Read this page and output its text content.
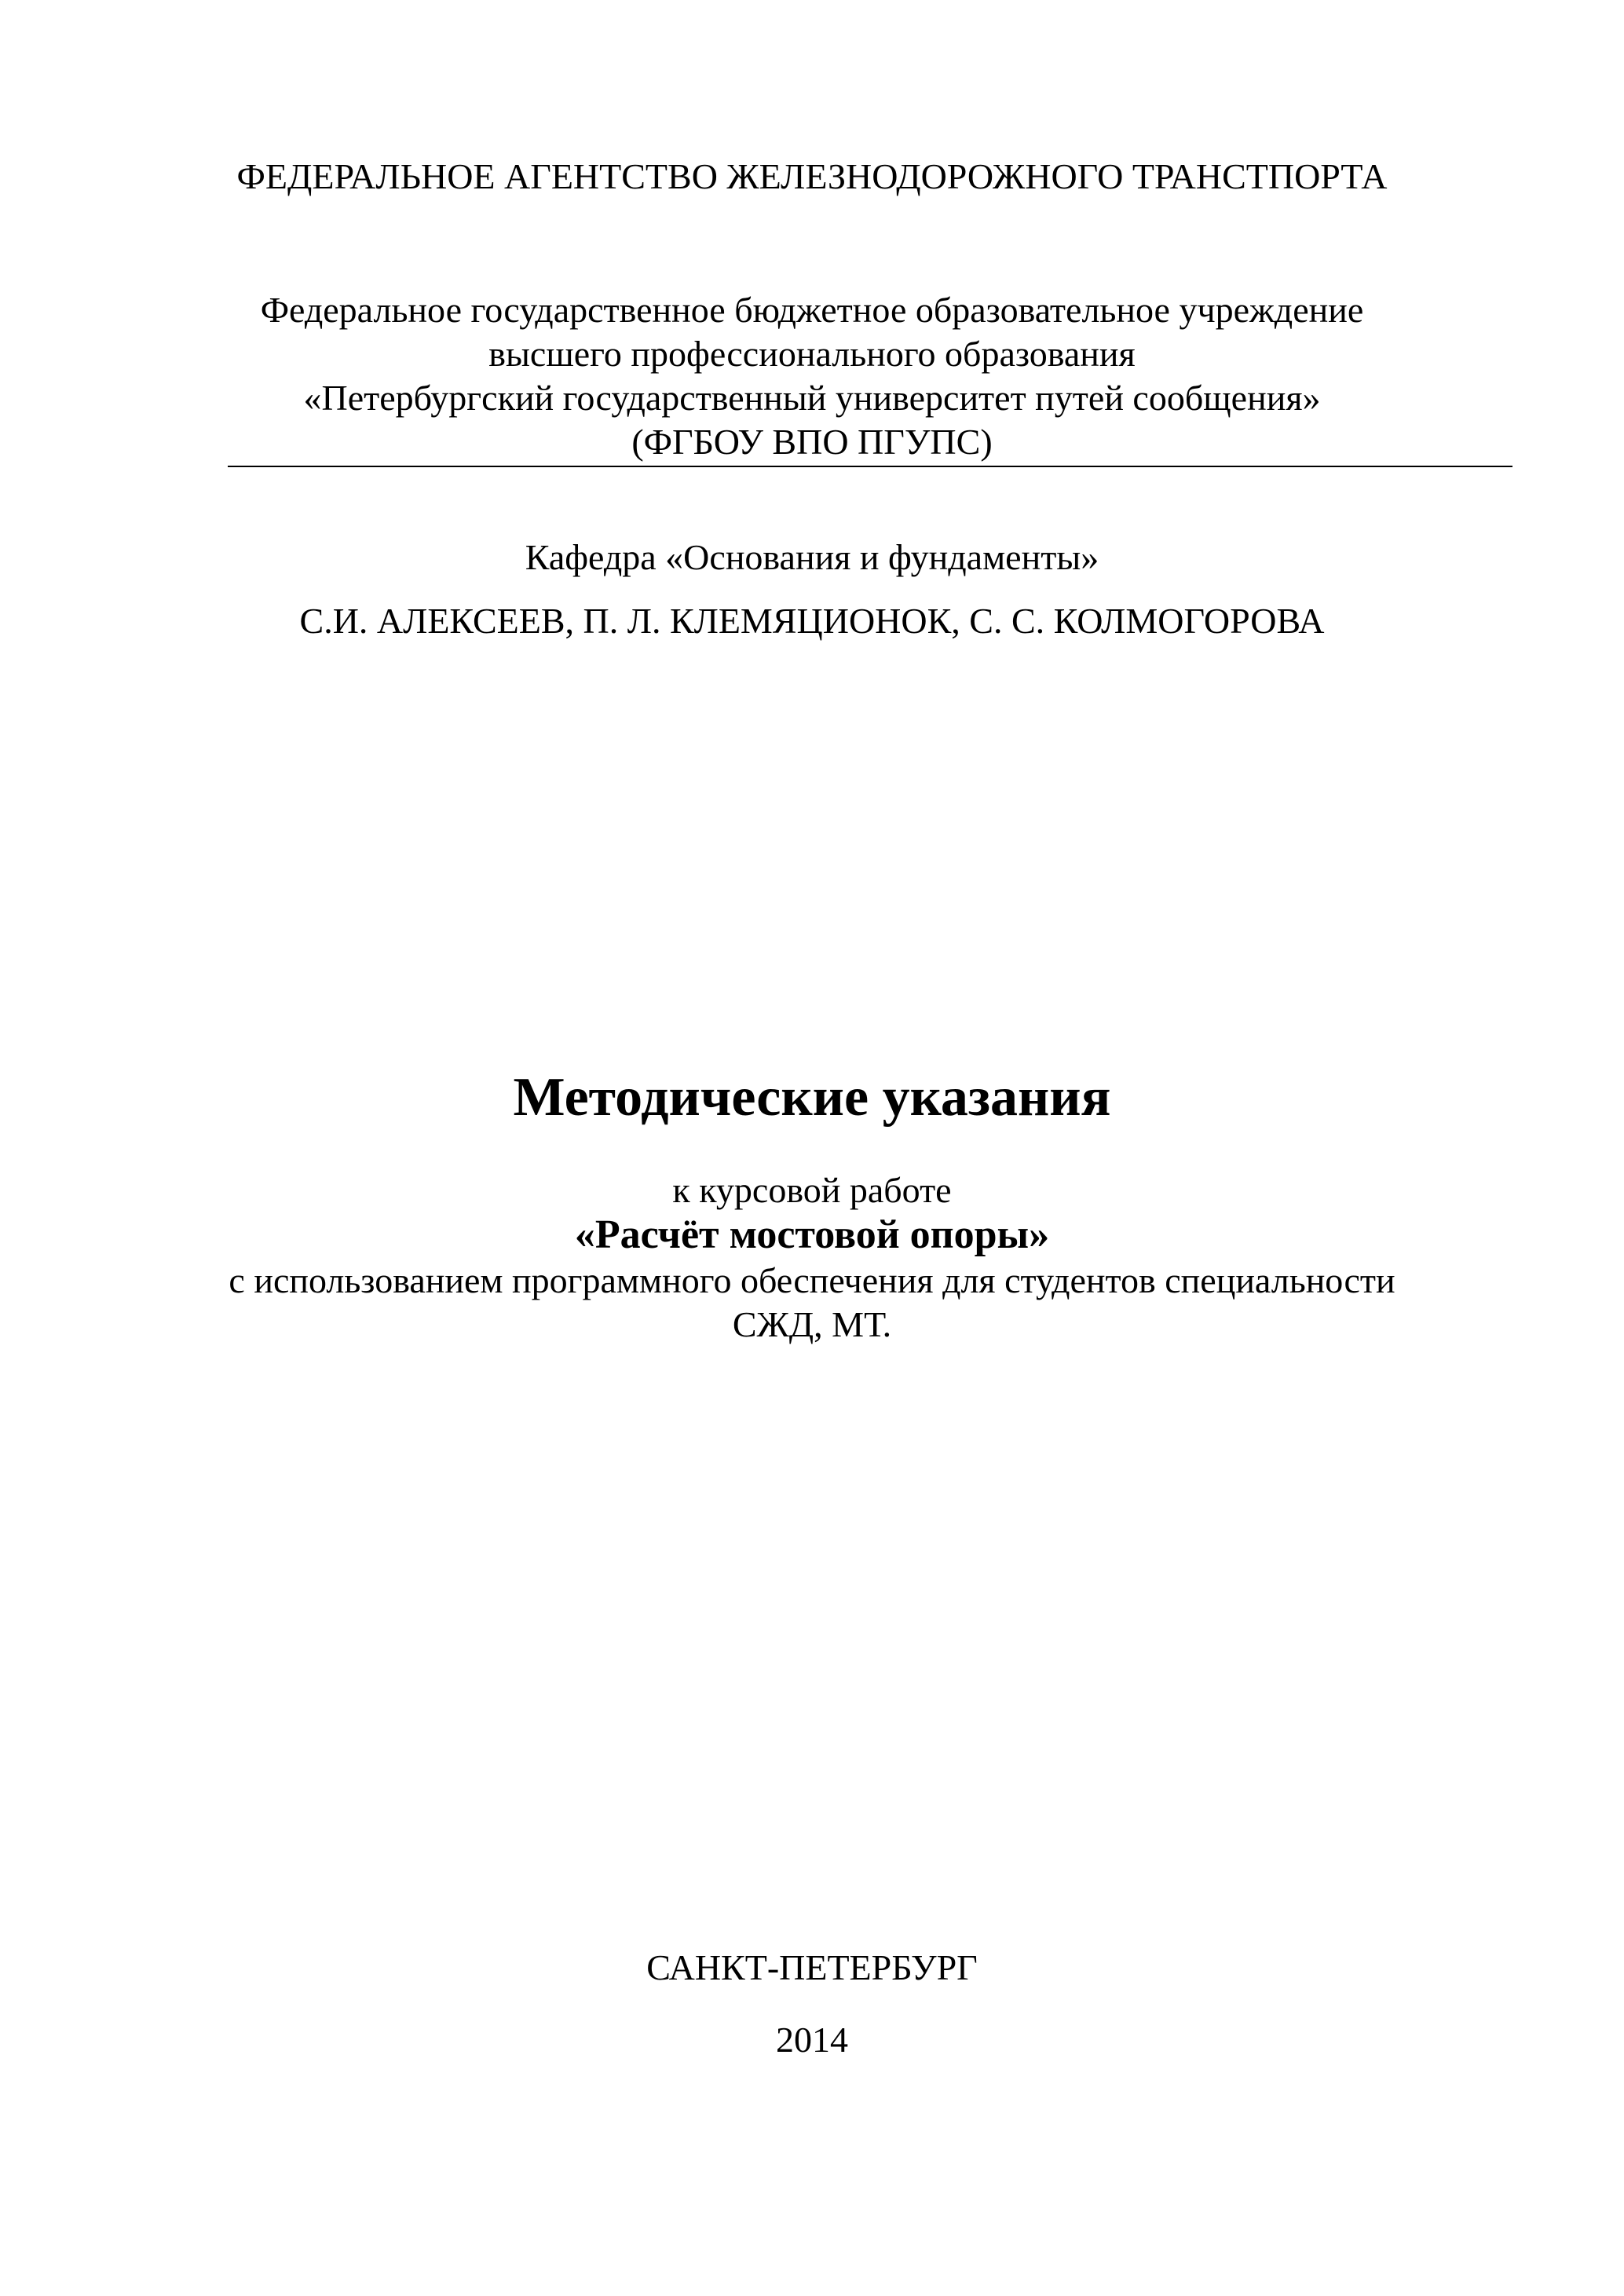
ФЕДЕРАЛЬНОЕ АГЕНТСТВО ЖЕЛЕЗНОДОРОЖНОГО ТРАНСТПОРТА
Федеральное государственное бюджетное образовательное учреждение
высшего профессионального образования
«Петербургский государственный университет путей сообщения»
(ФГБОУ ВПО ПГУПС)
Кафедра «Основания и фундаменты»
С.И. АЛЕКСЕЕВ, П. Л. КЛЕМЯЦИОНОК, С. С. КОЛМОГОРОВА
Методические указания
к курсовой работе
«Расчёт мостовой опоры»
с использованием программного обеспечения для студентов специальности
СЖД, МТ.
САНКТ-ПЕТЕРБУРГ
2014
